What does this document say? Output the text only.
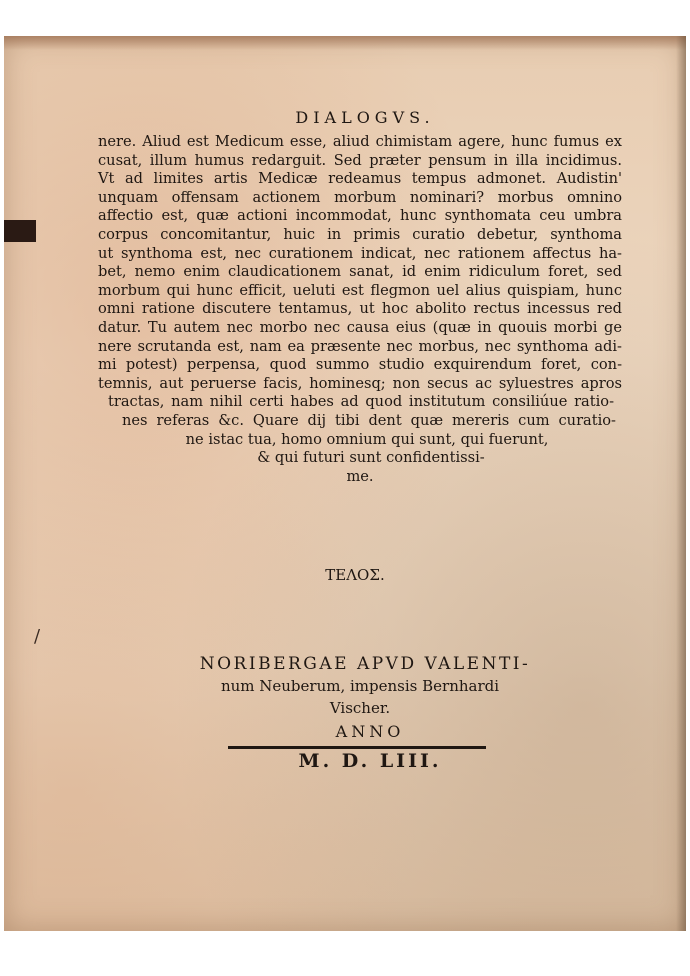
/
DIALOGVS.
nere. Aliud est Medicum esse, aliud chimistam agere, hunc fumus ex
cusat, illum humus redarguit. Sed præter pensum in illa incidimus.
Vt ad limites artis Medicæ redeamus tempus admonet. Audistin'
unquam offensam actionem morbum nominari? morbus omnino
affectio est, quæ actioni incommodat, hunc synthomata ceu umbra
corpus concomitantur, huic in primis curatio debetur, synthoma
ut synthoma est, nec curationem indicat, nec rationem affectus ha-
bet, nemo enim claudicationem sanat, id enim ridiculum foret, sed
morbum qui hunc efficit, ueluti est flegmon uel alius quispiam, hunc
omni ratione discutere tentamus, ut hoc abolito rectus incessus red
datur. Tu autem nec morbo nec causa eius (quæ in quouis morbi ge
nere scrutanda est, nam ea præsente nec morbus, nec synthoma adi-
mi potest) perpensa, quod summo studio exquirendum foret, con-
temnis, aut peruerse facis, hominesq; non secus ac syluestres apros
tractas, nam nihil certi habes ad quod institutum consiliúue ratio-
nes referas &c. Quare dij tibi dent quæ mereris cum curatio-
ne istac tua, homo omnium qui sunt, qui fuerunt,
& qui futuri sunt confidentissi-
me.
ΤΕΛΟΣ.
NORIBERGAE APVD VALENTI-
num Neuberum, impensis Bernhardi
Vischer.
ANNO
M. D. LIII.
